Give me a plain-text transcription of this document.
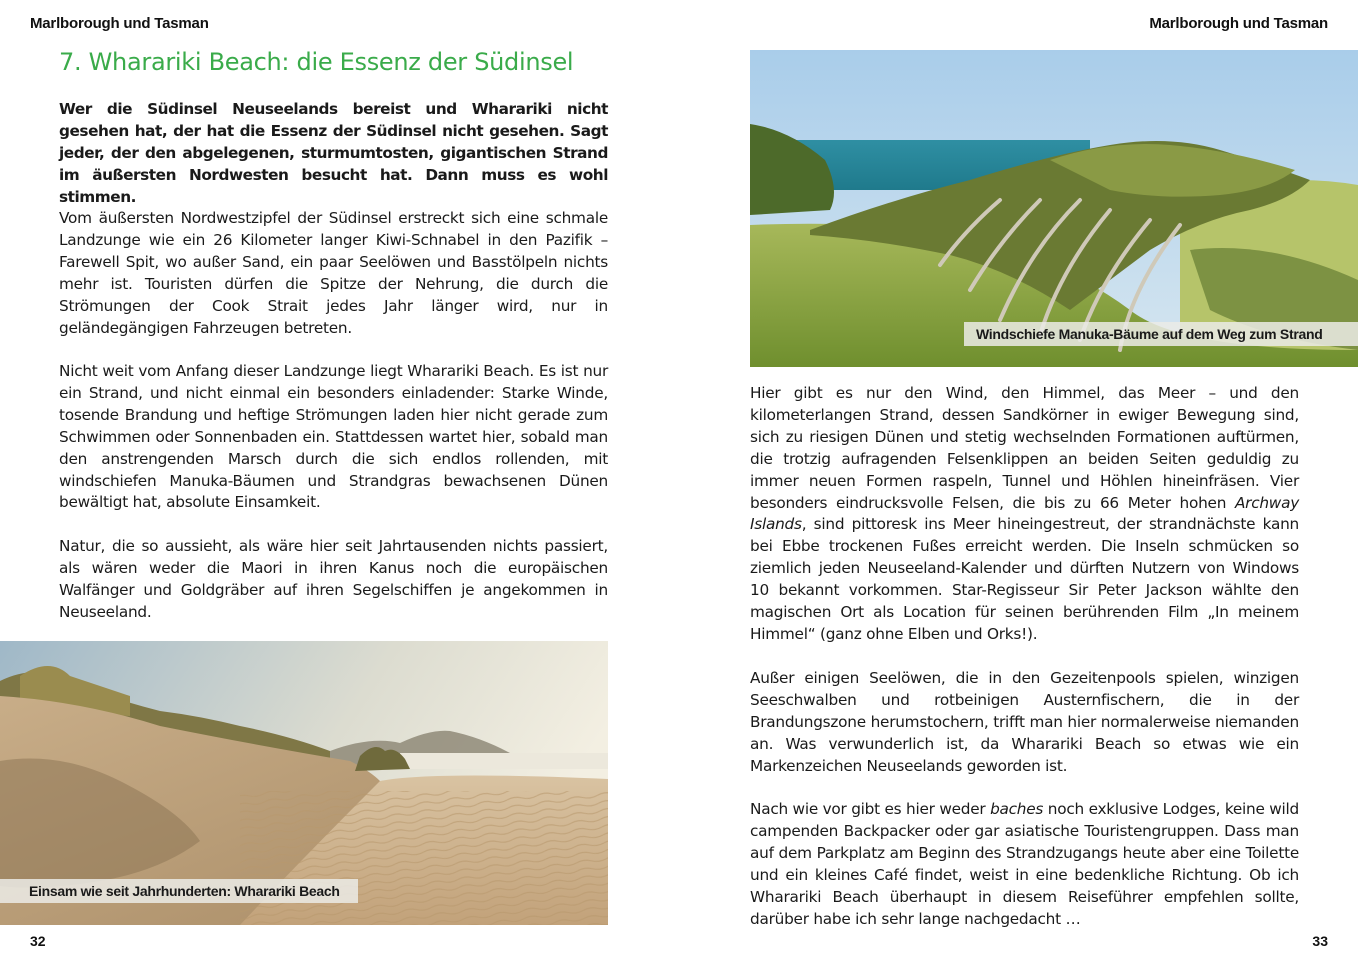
Marlborough und Tasman
7. Wharariki Beach: die Essenz der Südinsel

Wer die Südinsel Neuseelands bereist und Wharariki nicht gesehen hat, der hat die Essenz der Südinsel nicht gesehen. Sagt jeder, der den abgelegenen, sturmumtosten, gigantischen Strand im äußersten Nordwesten besucht hat. Dann muss es wohl stimmen.

Vom äußersten Nordwestzipfel der Südinsel erstreckt sich eine schmale Landzunge wie ein 26 Kilometer langer Kiwi-Schnabel in den Pazifik – Farewell Spit, wo außer Sand, ein paar Seelöwen und Basstölpeln nichts mehr ist. Touristen dürfen die Spitze der Nehrung, die durch die Strömungen der Cook Strait jedes Jahr länger wird, nur in geländegängigen Fahrzeugen betreten.

Nicht weit vom Anfang dieser Landzunge liegt Wharariki Beach. Es ist nur ein Strand, und nicht einmal ein besonders einladender: Starke Winde, tosende Brandung und heftige Strömungen laden hier nicht gerade zum Schwimmen oder Sonnenbaden ein. Stattdessen wartet hier, sobald man den anstrengenden Marsch durch die sich endlos rollenden, mit windschiefen Manuka-Bäumen und Strandgras bewachsenen Dünen bewältigt hat, absolute Einsamkeit.

Natur, die so aussieht, als wäre hier seit Jahrtausenden nichts passiert, als wären weder die Maori in ihren Kanus noch die europäischen Walfänger und Goldgräber auf ihren Segelschiffen je angekommen in Neuseeland.

Einsam wie seit Jahrhunderten: Wharariki Beach
32
Marlborough und Tasman
Windschiefe Manuka-Bäume auf dem Weg zum Strand

Hier gibt es nur den Wind, den Himmel, das Meer – und den kilometerlangen Strand, dessen Sandkörner in ewiger Bewegung sind, sich zu riesigen Dünen und stetig wechselnden Formationen auftürmen, die trotzig aufragenden Felsenklippen an beiden Seiten geduldig zu immer neuen Formen raspeln, Tunnel und Höhlen hineinfräsen. Vier besonders eindrucksvolle Felsen, die bis zu 66 Meter hohen Archway Islands, sind pittoresk ins Meer hineingestreut, der strandnächste kann bei Ebbe trockenen Fußes erreicht werden. Die Inseln schmücken so ziemlich jeden Neuseeland-Kalender und dürften Nutzern von Windows 10 bekannt vorkommen. Star-Regisseur Sir Peter Jackson wählte den magischen Ort als Location für seinen berührenden Film „In meinem Himmel“ (ganz ohne Elben und Orks!).

Außer einigen Seelöwen, die in den Gezeitenpools spielen, winzigen Seeschwalben und rotbeinigen Austernfischern, die in der Brandungszone herumstochern, trifft man hier normalerweise niemanden an. Was verwunderlich ist, da Wharariki Beach so etwas wie ein Markenzeichen Neuseelands geworden ist.

Nach wie vor gibt es hier weder baches noch exklusive Lodges, keine wild campenden Backpacker oder gar asiatische Touristengruppen. Dass man auf dem Parkplatz am Beginn des Strandzugangs heute aber eine Toilette und ein kleines Café findet, weist in eine bedenkliche Richtung. Ob ich Wharariki Beach überhaupt in diesem Reiseführer empfehlen sollte, darüber habe ich sehr lange nachgedacht …

33
